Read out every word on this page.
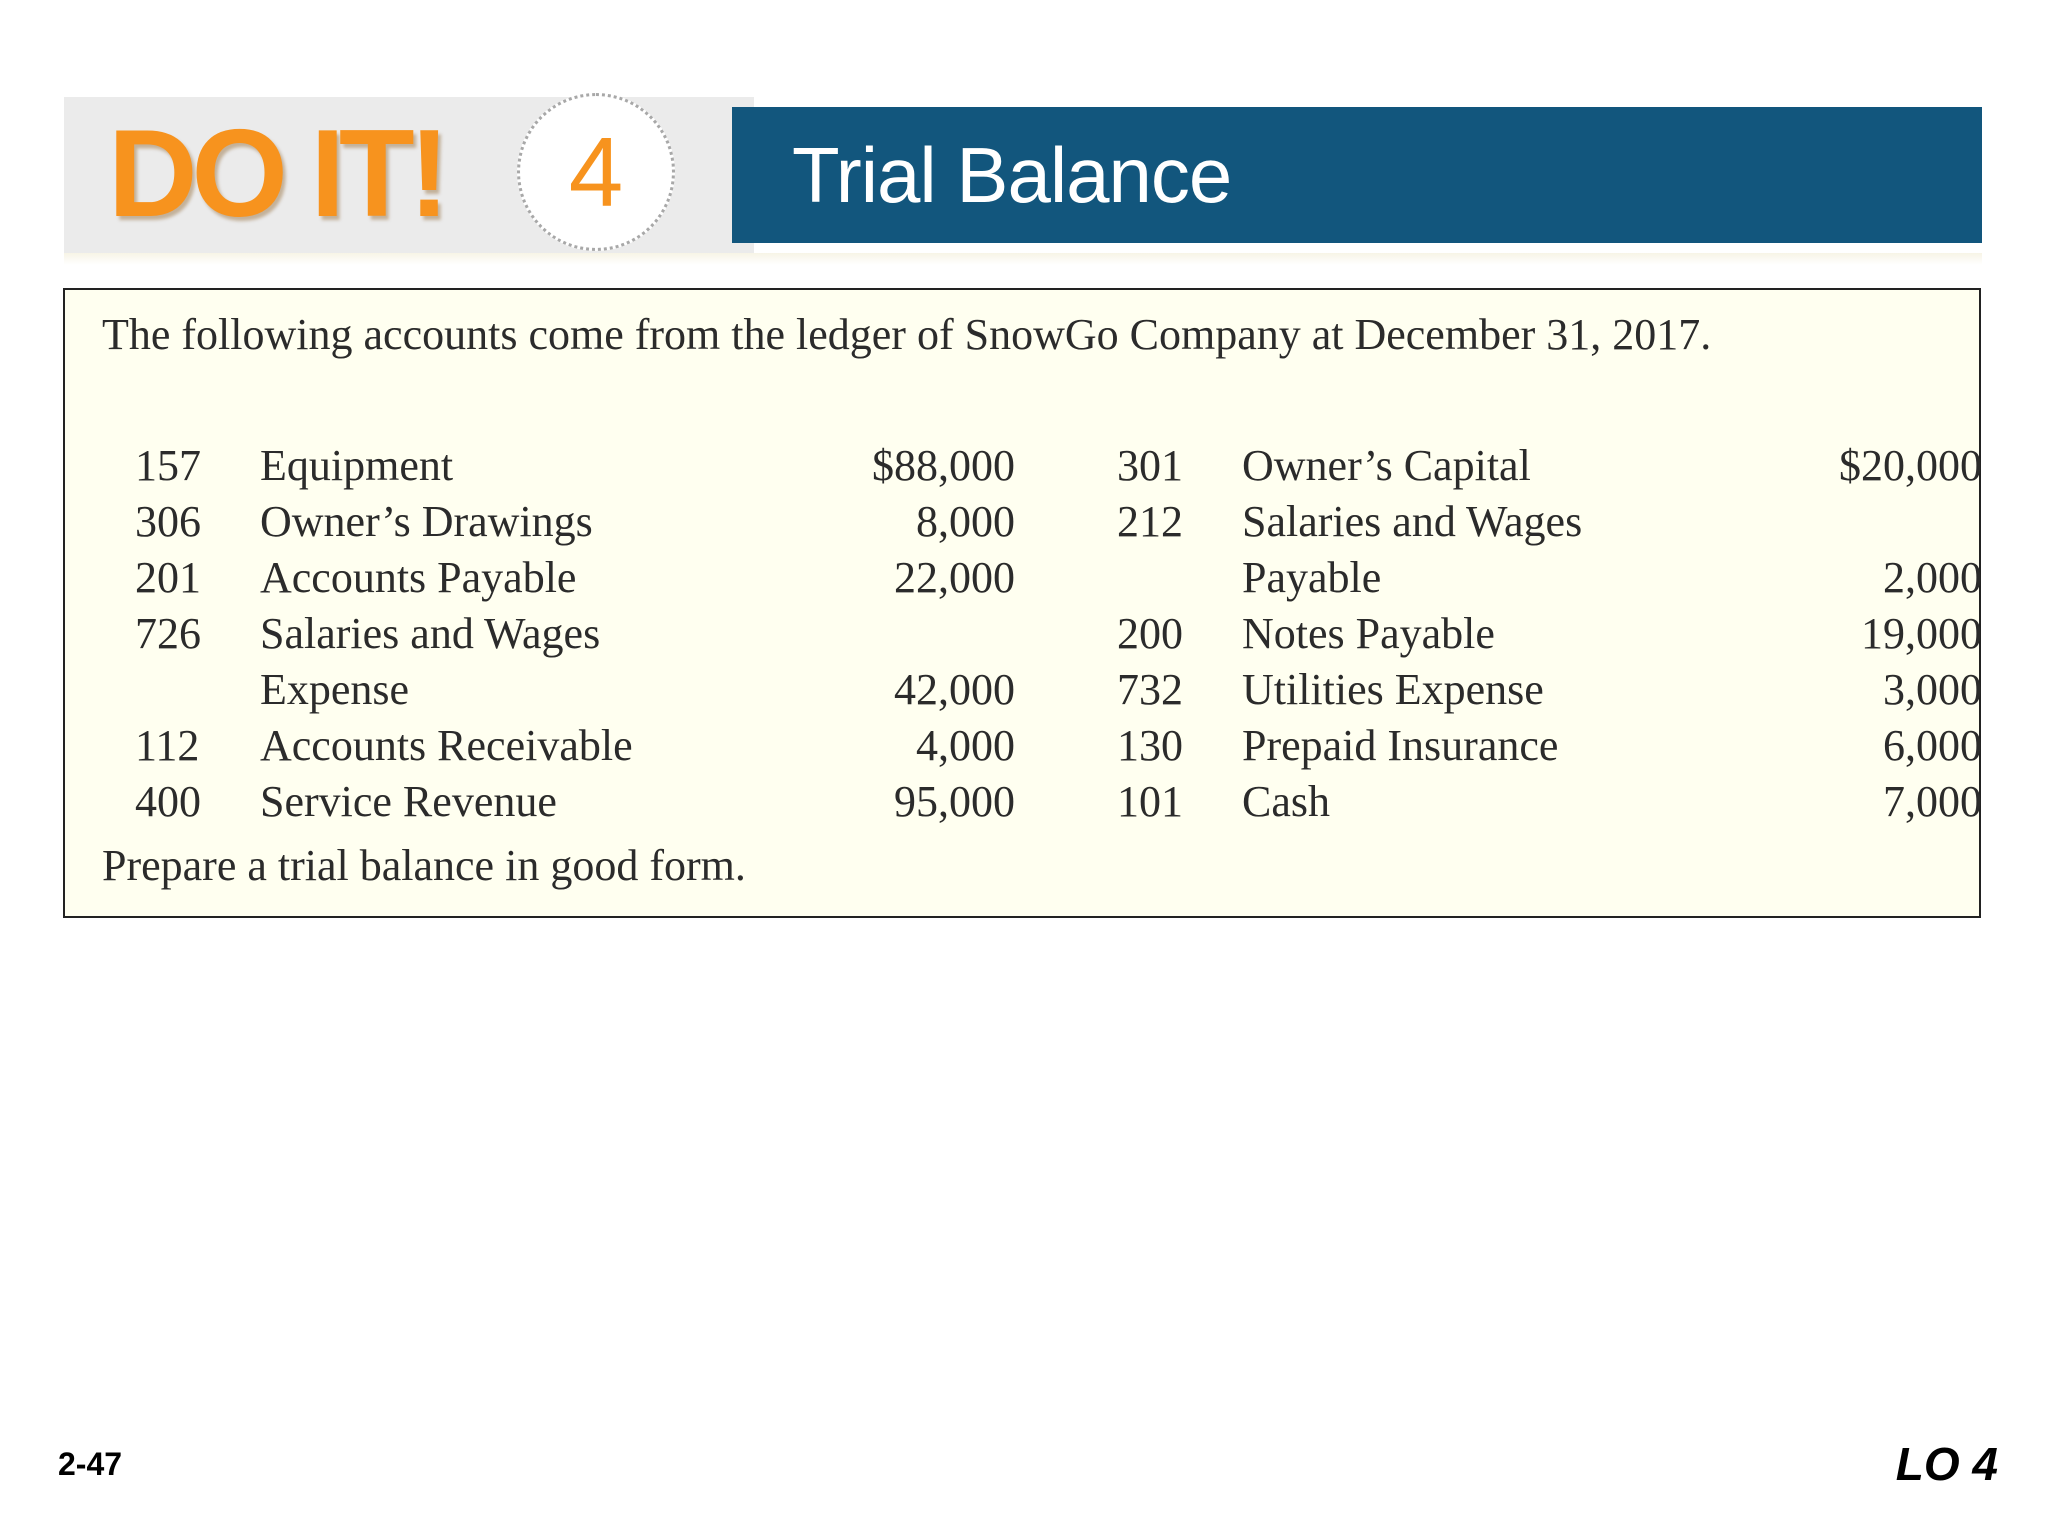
DO IT!	4	Trial Balance

The following accounts come from the ledger of SnowGo Company at December 31, 2017.

157 Equipment	$88,000
306 Owner’s Drawings	8,000
201 Accounts Payable	22,000
726 Salaries and Wages
Expense	42,000
112 Accounts Receivable	4,000
400 Service Revenue	95,000
301 Owner’s Capital	$20,000
212 Salaries and Wages
Payable	2,000
200 Notes Payable	19,000
732 Utilities Expense	3,000
130 Prepaid Insurance	6,000
101 Cash	7,000

Prepare a trial balance in good form.

2-47	LO 4
